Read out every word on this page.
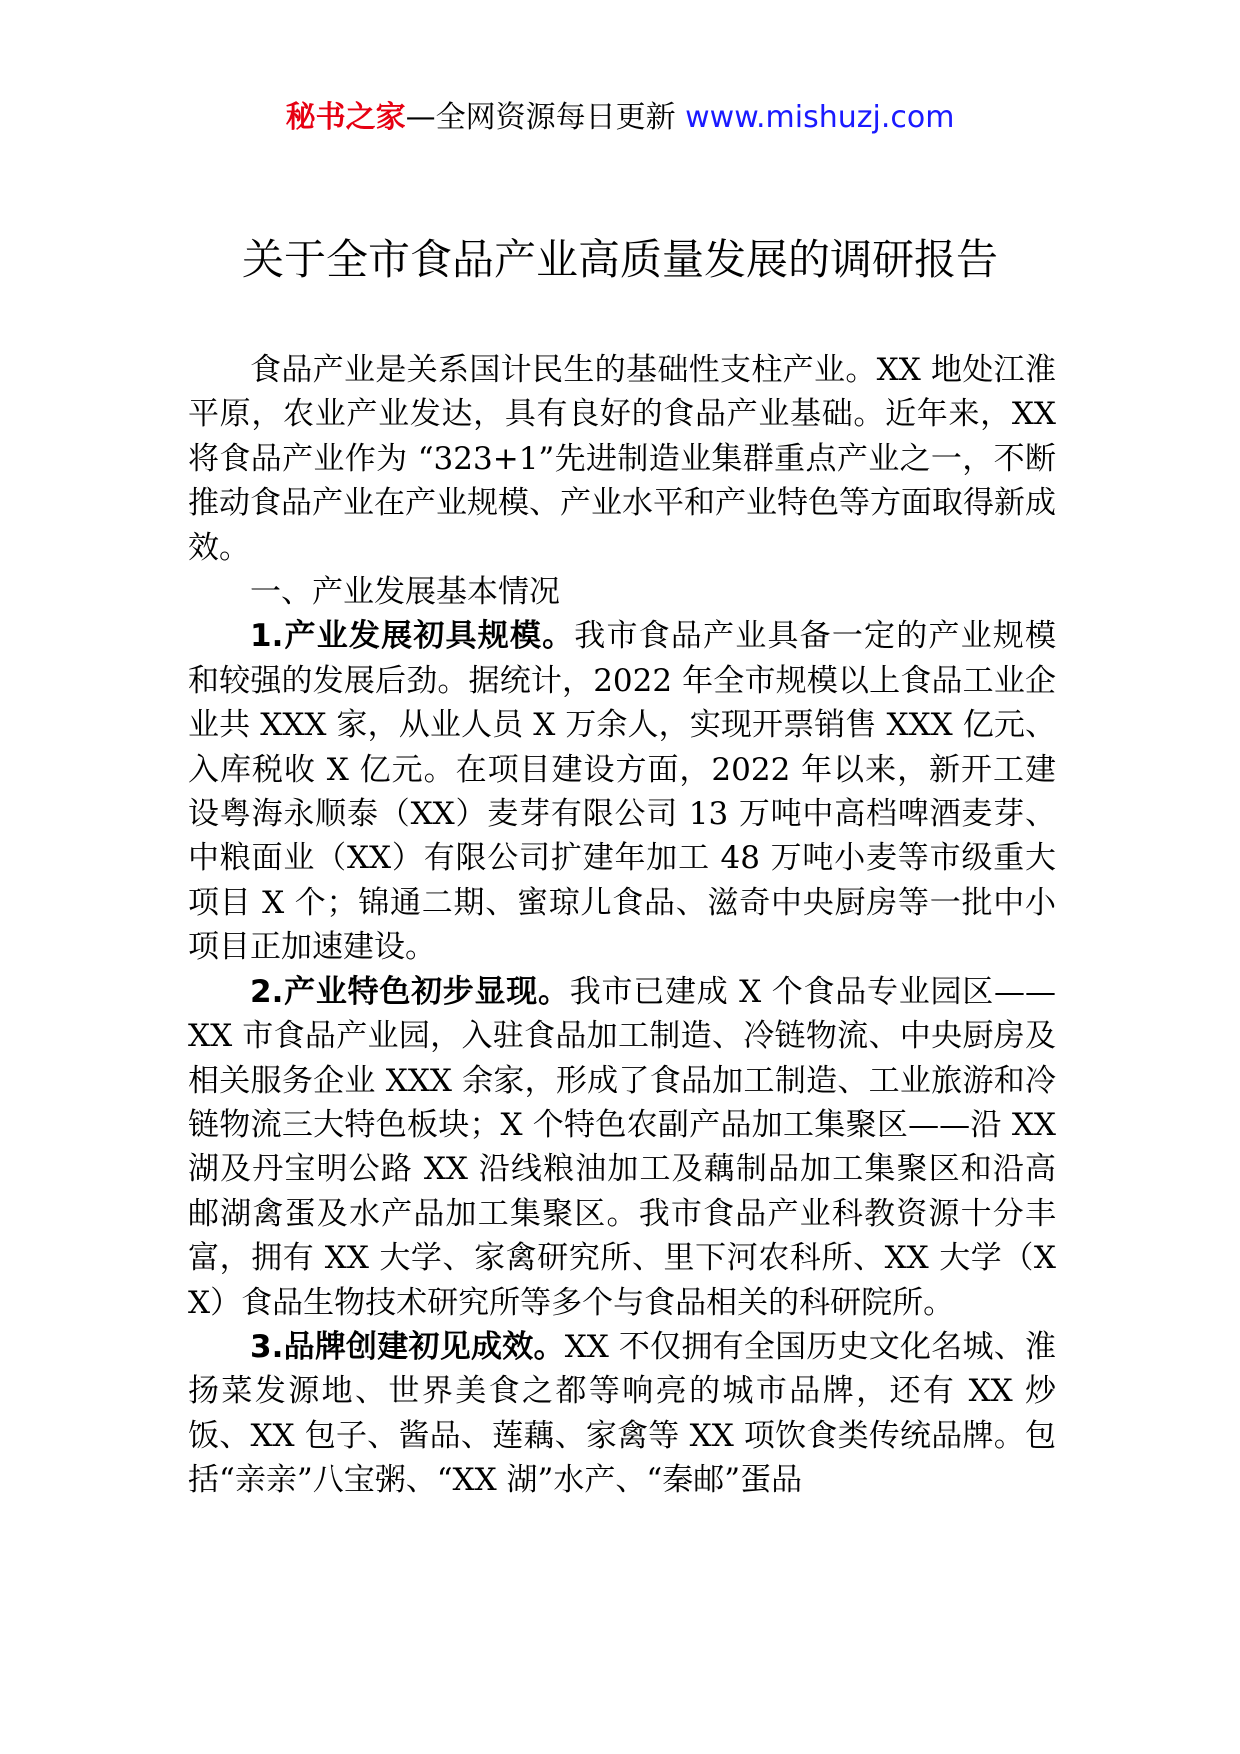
秘书之家—全网资源每日更新 www.mishuzj.com
关于全市食品产业高质量发展的调研报告

食品产业是关系国计民生的基础性支柱产业。XX 地处江淮平原，农业产业发达，具有良好的食品产业基础。近年来，XX 将食品产业作为 “323+1”先进制造业集群重点产业之一，不断推动食品产业在产业规模、产业水平和产业特色等方面取得新成效。

一、产业发展基本情况

1.产业发展初具规模。我市食品产业具备一定的产业规模和较强的发展后劲。据统计，2022 年全市规模以上食品工业企业共 XXX 家，从业人员 X 万余人，实现开票销售 XXX 亿元、入库税收 X 亿元。在项目建设方面，2022 年以来，新开工建设粤海永顺泰（XX）麦芽有限公司 13 万吨中高档啤酒麦芽、中粮面业（XX）有限公司扩建年加工 48 万吨小麦等市级重大项目 X 个；锦通二期、蜜琼儿食品、滋奇中央厨房等一批中小项目正加速建设。

2.产业特色初步显现。我市已建成 X 个食品专业园区——XX 市食品产业园，入驻食品加工制造、冷链物流、中央厨房及相关服务企业 XXX 余家，形成了食品加工制造、工业旅游和冷链物流三大特色板块；X 个特色农副产品加工集聚区——沿 XX 湖及丹宝明公路 XX 沿线粮油加工及藕制品加工集聚区和沿高邮湖禽蛋及水产品加工集聚区。我市食品产业科教资源十分丰富，拥有 XX 大学、家禽研究所、里下河农科所、XX 大学（XX）食品生物技术研究所等多个与食品相关的科研院所。

3.品牌创建初见成效。XX 不仅拥有全国历史文化名城、淮扬菜发源地、世界美食之都等响亮的城市品牌，还有 XX 炒饭、XX 包子、酱品、莲藕、家禽等 XX 项饮食类传统品牌。包括“亲亲”八宝粥、“XX 湖”水产、“秦邮”蛋品
